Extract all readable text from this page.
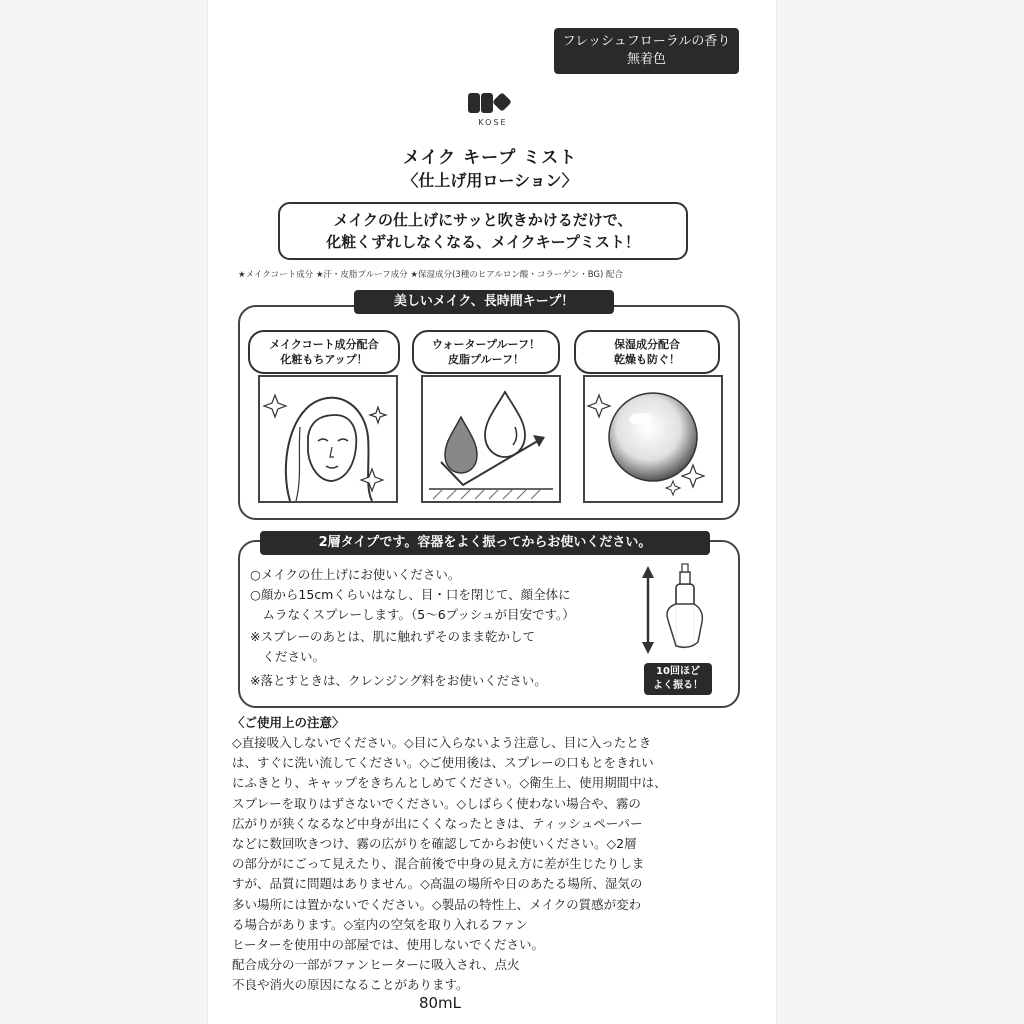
フレッシュフローラルの香り
無着色
KOSE
メイク キープ ミスト
〈仕上げ用ローション〉
メイクの仕上げにサッと吹きかけるだけで、
化粧くずれしなくなる、メイクキープミスト！
★メイクコート成分 ★汗・皮脂プルーフ成分 ★保湿成分(3種のヒアルロン酸・コラーゲン・BG) 配合
美しいメイク、長時間キープ！
メイクコート成分配合
化粧もちアップ！
ウォータープルーフ！
皮脂プルーフ！
保湿成分配合
乾燥も防ぐ！
2層タイプです。容器をよく振ってからお使いください。
○メイクの仕上げにお使いください。
○顔から15cmくらいはなし、目・口を閉じて、顔全体に
　ムラなくスプレーします。（5〜6プッシュが目安です。）
※スプレーのあとは、肌に触れずそのまま乾かして
　ください。
※落とすときは、クレンジング料をお使いください。
10回ほど
よく振る！
〈ご使用上の注意〉
◇直接吸入しないでください。◇目に入らないよう注意し、目に入ったとき
は、すぐに洗い流してください。◇ご使用後は、スプレーの口もとをきれい
にふきとり、キャップをきちんとしめてください。◇衛生上、使用期間中は、
スプレーを取りはずさないでください。◇しばらく使わない場合や、霧の
広がりが狭くなるなど中身が出にくくなったときは、ティッシュペーパー
などに数回吹きつけ、霧の広がりを確認してからお使いください。◇2層
の部分がにごって見えたり、混合前後で中身の見え方に差が生じたりしま
すが、品質に問題はありません。◇高温の場所や日のあたる場所、湿気の
多い場所には置かないでください。◇製品の特性上、メイクの質感が変わ
る場合があります。◇室内の空気を取り入れるファン
ヒーターを使用中の部屋では、使用しないでください。
配合成分の一部がファンヒーターに吸入され、点火
不良や消火の原因になることがあります。
80mL
